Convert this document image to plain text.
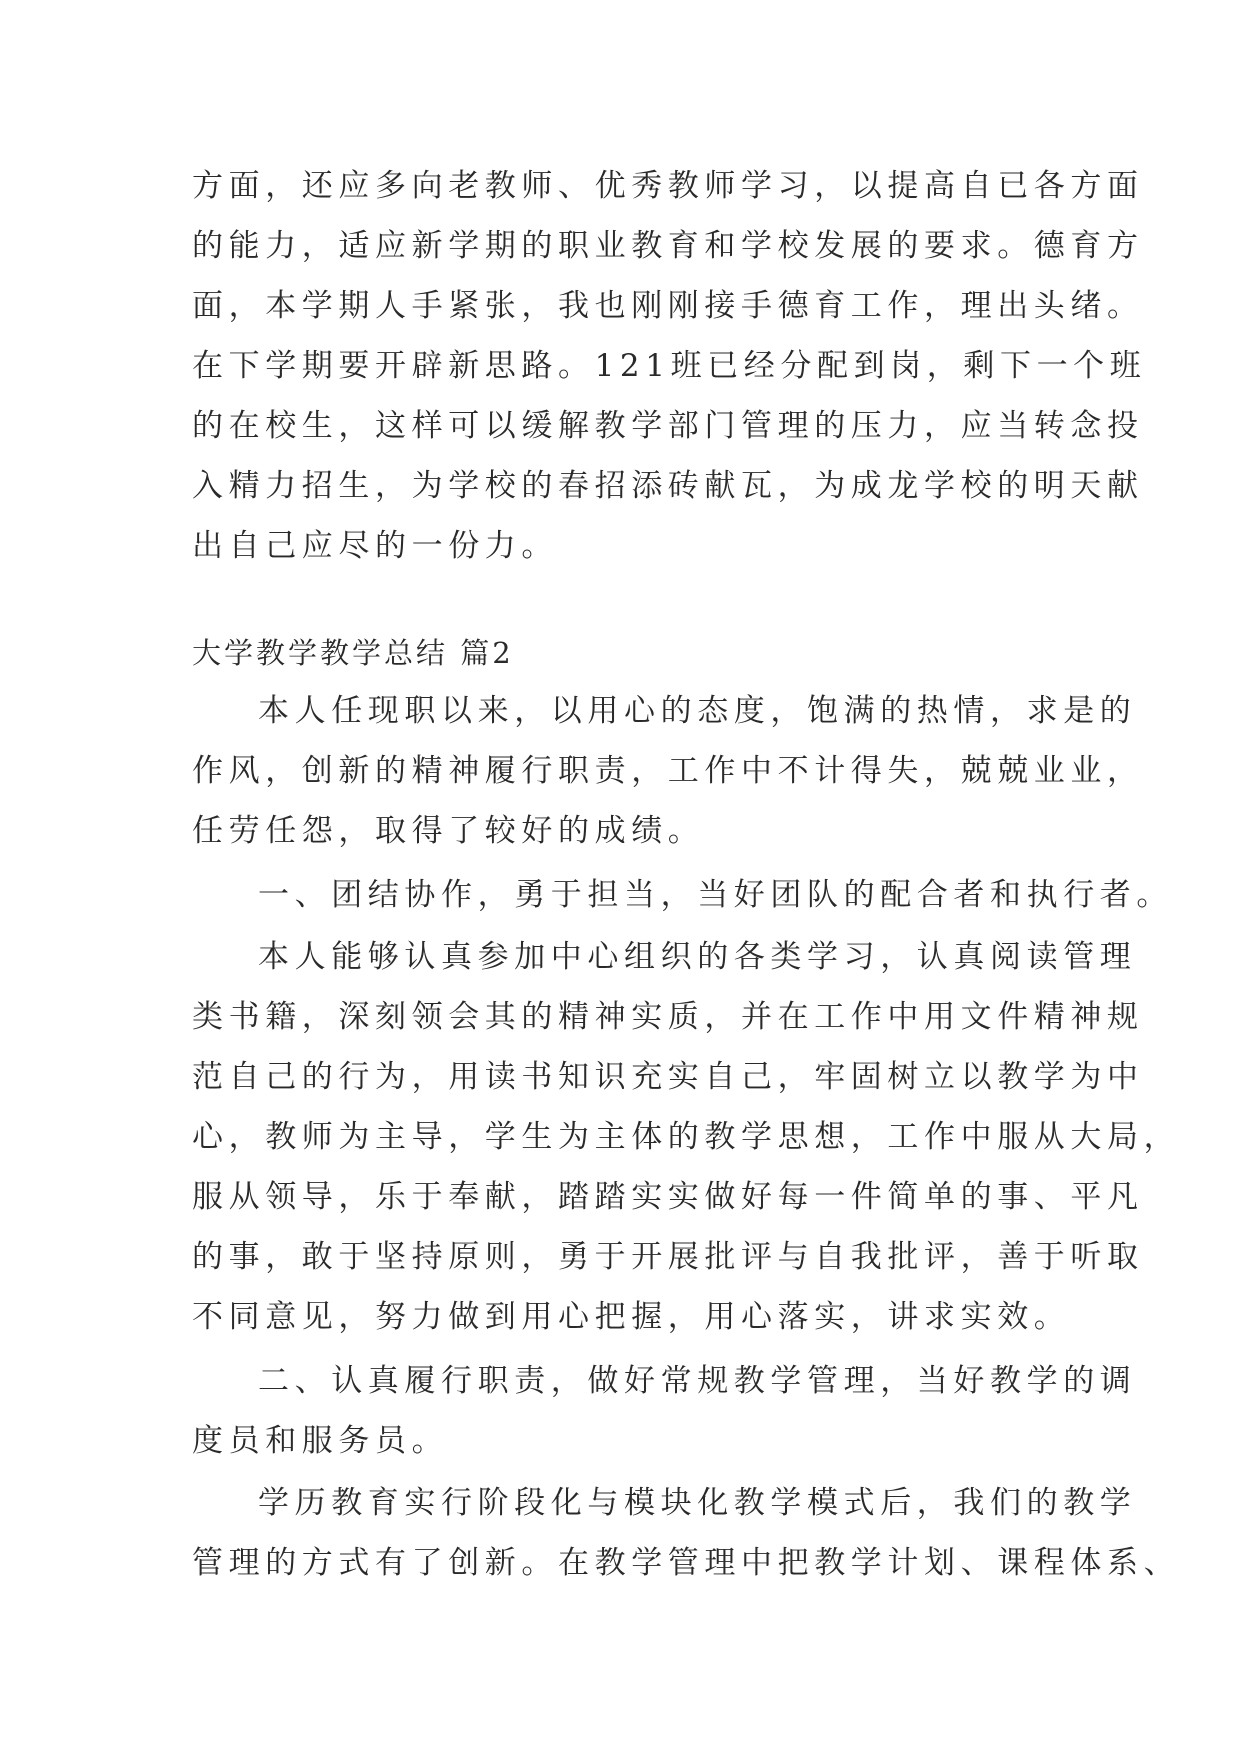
方面，还应多向老教师、优秀教师学习，以提高自已各方面

的能力，适应新学期的职业教育和学校发展的要求。德育方

面，本学期人手紧张，我也刚刚接手德育工作，理出头绪。

在下学期要开辟新思路。121班已经分配到岗，剩下一个班

的在校生，这样可以缓解教学部门管理的压力，应当转念投

入精力招生，为学校的春招添砖献瓦，为成龙学校的明天献

出自己应尽的一份力。

大学教学教学总结 篇2

本人任现职以来，以用心的态度，饱满的热情，求是的

作风，创新的精神履行职责，工作中不计得失，兢兢业业，

任劳任怨，取得了较好的成绩。

一、团结协作，勇于担当，当好团队的配合者和执行者。

本人能够认真参加中心组织的各类学习，认真阅读管理

类书籍，深刻领会其的精神实质，并在工作中用文件精神规

范自己的行为，用读书知识充实自己，牢固树立以教学为中

心，教师为主导，学生为主体的教学思想，工作中服从大局，

服从领导，乐于奉献，踏踏实实做好每一件简单的事、平凡

的事，敢于坚持原则，勇于开展批评与自我批评，善于听取

不同意见，努力做到用心把握，用心落实，讲求实效。

二、认真履行职责，做好常规教学管理，当好教学的调

度员和服务员。

学历教育实行阶段化与模块化教学模式后，我们的教学

管理的方式有了创新。在教学管理中把教学计划、课程体系、
